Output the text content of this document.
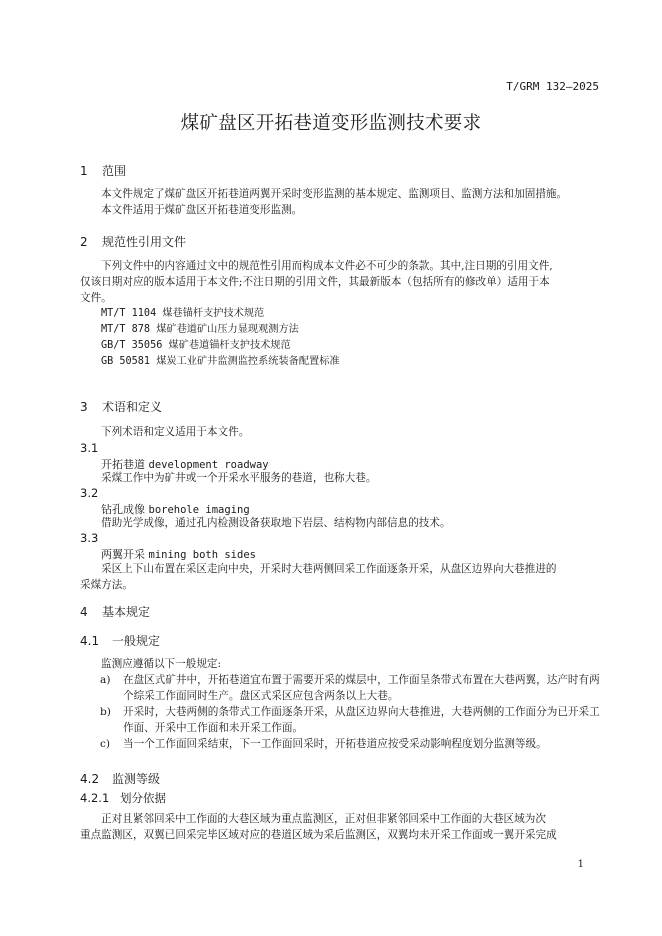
T/GRM 132—2025
煤矿盘区开拓巷道变形监测技术要求
1 范围
本文件规定了煤矿盘区开拓巷道两翼开采时变形监测的基本规定、监测项目、监测方法和加固措施。
本文件适用于煤矿盘区开拓巷道变形监测。
2 规范性引用文件
下列文件中的内容通过文中的规范性引用而构成本文件必不可少的条款。其中,注日期的引用文件,
仅该日期对应的版本适用于本文件;不注日期的引用文件，其最新版本（包括所有的修改单）适用于本
文件。
MT/T 1104 煤巷锚杆支护技术规范
MT/T 878 煤矿巷道矿山压力显现观测方法
GB/T 35056 煤矿巷道锚杆支护技术规范
GB 50581 煤炭工业矿井监测监控系统装备配置标准
3 术语和定义
下列术语和定义适用于本文件。
3.1
开拓巷道 development roadway
采煤工作中为矿井或一个开采水平服务的巷道，也称大巷。
3.2
钻孔成像 borehole imaging
借助光学成像，通过孔内检测设备获取地下岩层、结构物内部信息的技术。
3.3
两翼开采 mining both sides
采区上下山布置在采区走向中央，开采时大巷两侧回采工作面逐条开采，从盘区边界向大巷推进的
采煤方法。
4 基本规定
4.1 一般规定
监测应遵循以下一般规定:
a) 在盘区式矿井中，开拓巷道宜布置于需要开采的煤层中，工作面呈条带式布置在大巷两翼，达产时有两个综采工作面同时生产。盘区式采区应包含两条以上大巷。
b) 开采时，大巷两侧的条带式工作面逐条开采，从盘区边界向大巷推进，大巷两侧的工作面分为已开采工作面、开采中工作面和未开采工作面。
c) 当一个工作面回采结束，下一工作面回采时，开拓巷道应按受采动影响程度划分监测等级。
4.2 监测等级
4.2.1 划分依据
正对且紧邻回采中工作面的大巷区域为重点监测区，正对但非紧邻回采中工作面的大巷区域为次
重点监测区，双翼已回采完毕区域对应的巷道区域为采后监测区，双翼均未开采工作面或一翼开采完成
1
